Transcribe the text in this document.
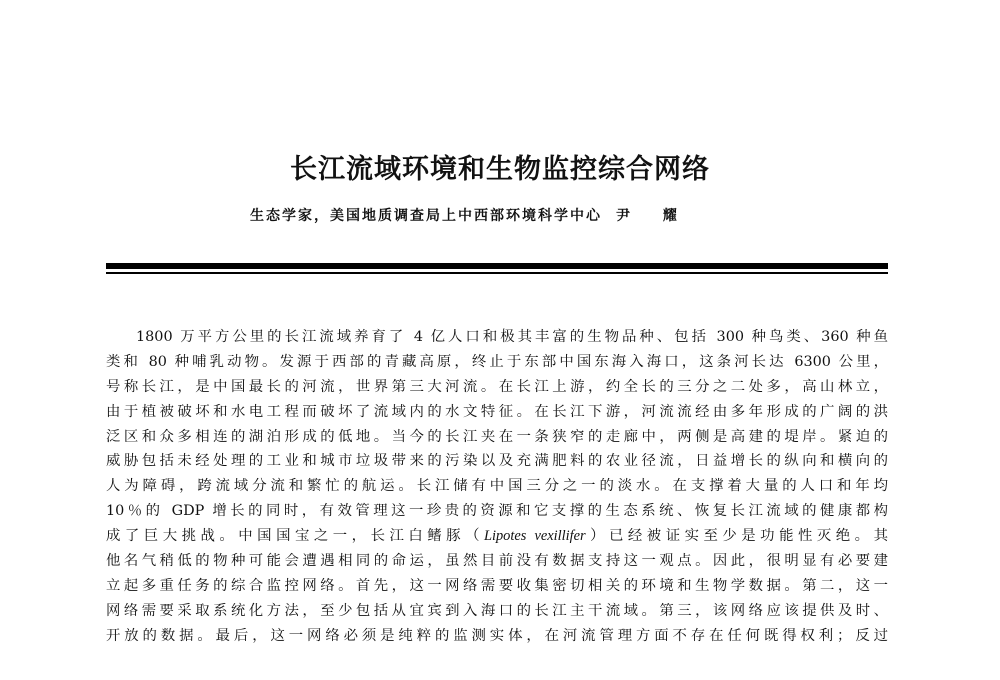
长江流域环境和生物监控综合网络
生态学家，美国地质调查局上中西部环境科学中心 尹 耀
1800 万平方公里的长江流域养育了 4 亿人口和极其丰富的生物品种、包括 300 种鸟类、360 种鱼
类和 80 种哺乳动物。发源于西部的青藏高原，终止于东部中国东海入海口，这条河长达 6300 公里，
号称长江，是中国最长的河流，世界第三大河流。在长江上游，约全长的三分之二处多，高山林立，
由于植被破坏和水电工程而破坏了流域内的水文特征。在长江下游，河流流经由多年形成的广阔的洪
泛区和众多相连的湖泊形成的低地。当今的长江夹在一条狭窄的走廊中，两侧是高建的堤岸。紧迫的
威胁包括未经处理的工业和城市垃圾带来的污染以及充满肥料的农业径流，日益增长的纵向和横向的
人为障碍，跨流域分流和繁忙的航运。长江储有中国三分之一的淡水。在支撑着大量的人口和年均
10％的 GDP 增长的同时，有效管理这一珍贵的资源和它支撑的生态系统、恢复长江流域的健康都构
成了巨大挑战。中国国宝之一，长江白鳍豚（Lipotes vexillifer）已经被证实至少是功能性灭绝。其
他名气稍低的物种可能会遭遇相同的命运，虽然目前没有数据支持这一观点。因此，很明显有必要建
立起多重任务的综合监控网络。首先，这一网络需要收集密切相关的环境和生物学数据。第二，这一
网络需要采取系统化方法，至少包括从宜宾到入海口的长江主干流域。第三，该网络应该提供及时、
开放的数据。最后，这一网络必须是纯粹的监测实体，在河流管理方面不存在任何既得权利；反过
